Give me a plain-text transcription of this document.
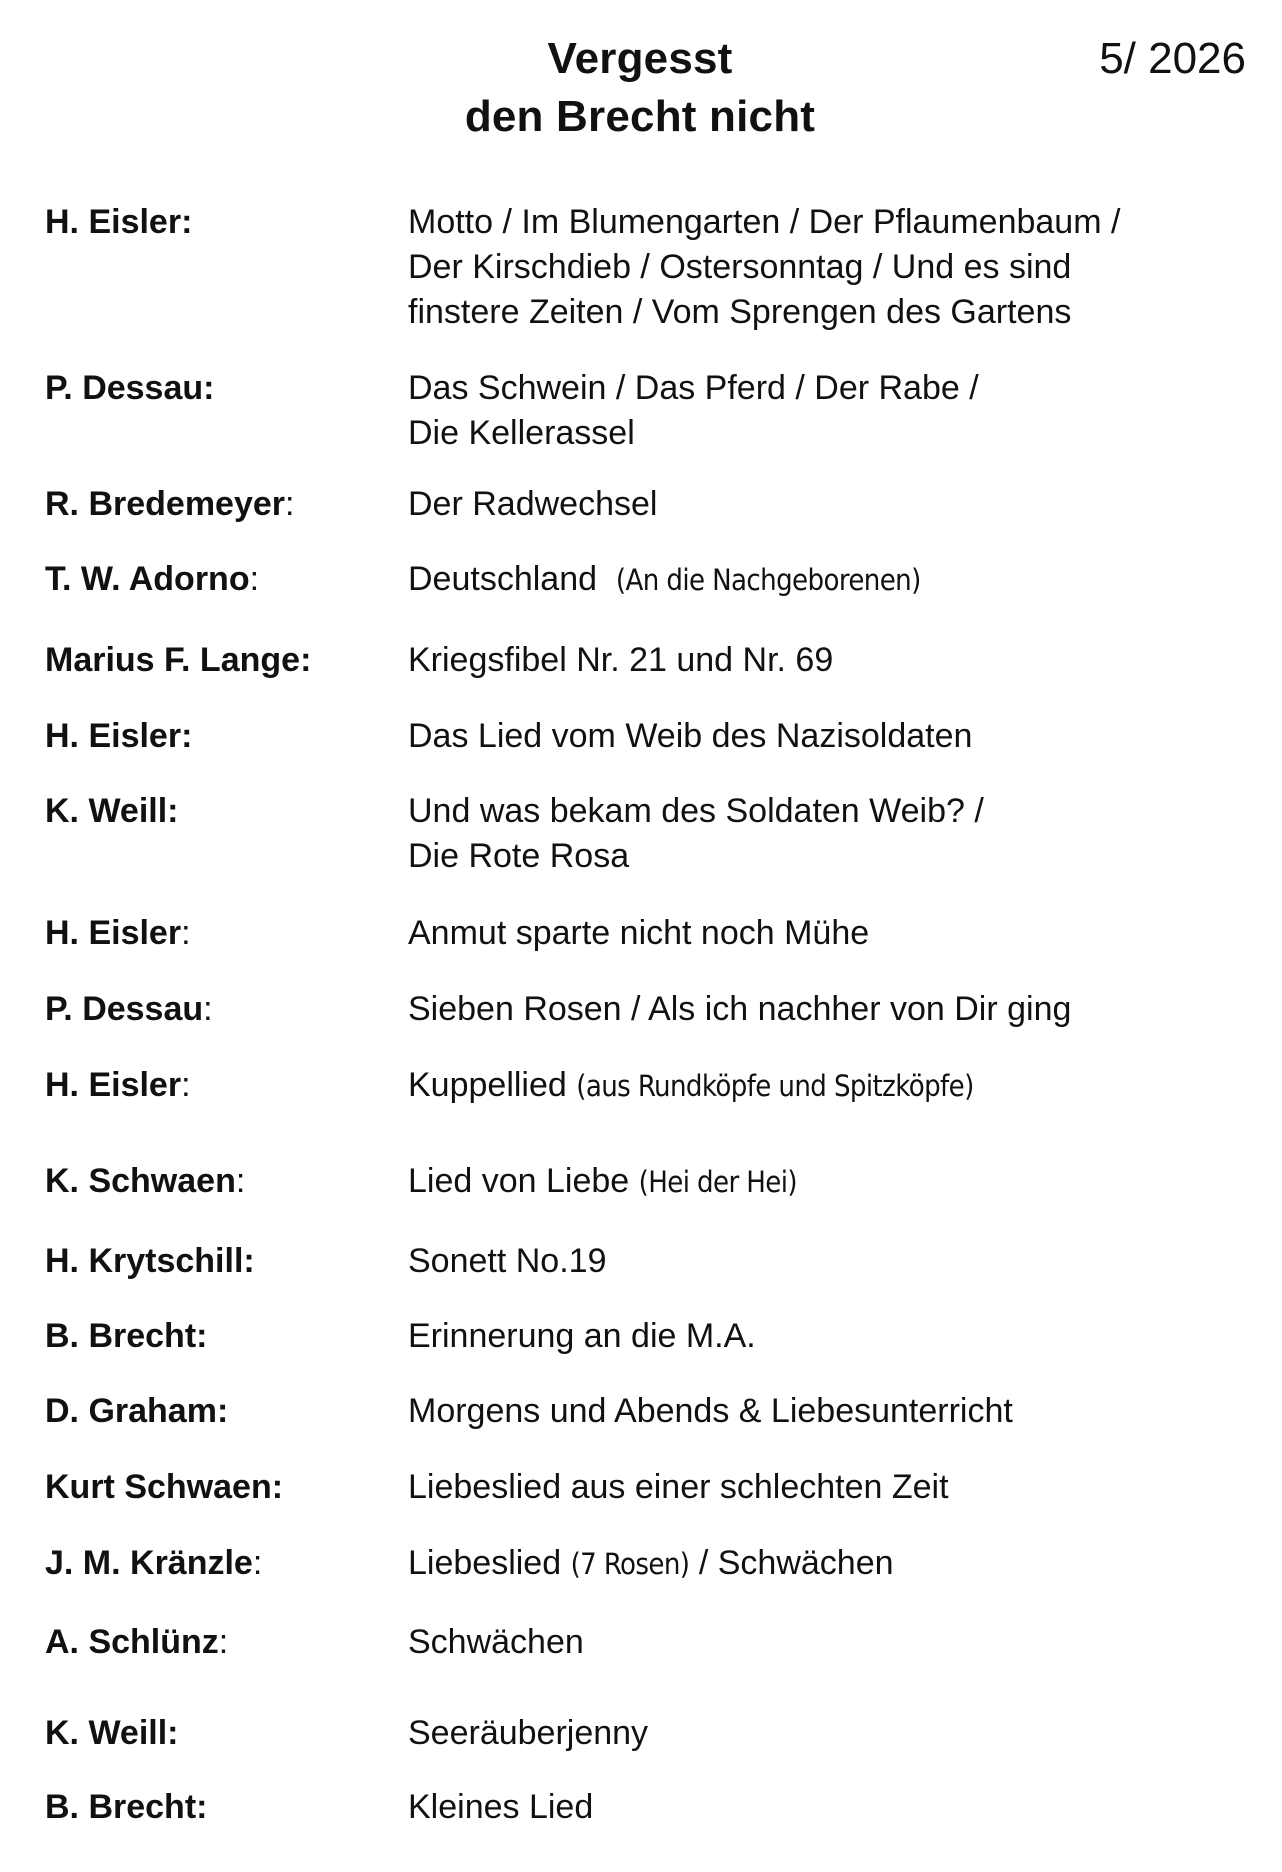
Vergesst
den Brecht nicht
5/ 2026
H. Eisler:	Motto / Im Blumengarten / Der Pflaumenbaum /
Der Kirschdieb / Ostersonntag / Und es sind
finstere Zeiten / Vom Sprengen des Gartens
P. Dessau:	Das Schwein / Das Pferd / Der Rabe /
Die Kellerassel
R. Bredemeyer:	Der Radwechsel
T. W. Adorno:	Deutschland  (An die Nachgeborenen)
Marius F. Lange:	Kriegsfibel Nr. 21 und Nr. 69
H. Eisler:	Das Lied vom Weib des Nazisoldaten
K. Weill:	Und was bekam des Soldaten Weib? /
Die Rote Rosa
H. Eisler:	Anmut sparte nicht noch Mühe
P. Dessau:	Sieben Rosen / Als ich nachher von Dir ging
H. Eisler:	Kuppellied (aus Rundköpfe und Spitzköpfe)
K. Schwaen:	Lied von Liebe (Hei der Hei)
H. Krytschill:	Sonett No.19
B. Brecht:	Erinnerung an die M.A.
D. Graham:	Morgens und Abends & Liebesunterricht
Kurt Schwaen:	Liebeslied aus einer schlechten Zeit
J. M. Kränzle:	Liebeslied (7 Rosen) / Schwächen
A. Schlünz:	Schwächen
K. Weill:	Seeräuberjenny
B. Brecht:	Kleines Lied
